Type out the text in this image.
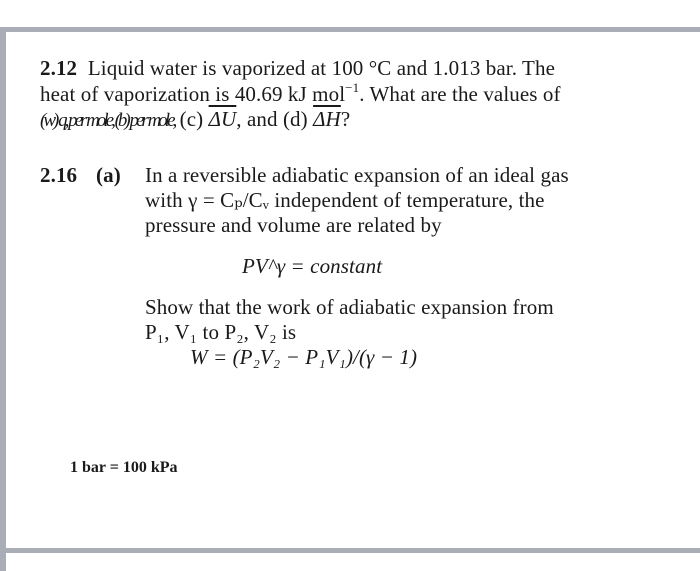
2.12 Liquid water is vaporized at 100 °C and 1.013 bar. The
heat of vaporization is 40.69 kJ mol$^{-1}$. What are the values of
(w) q, per mole, (b) per mole, (c) $\overline{\Delta U}$, and (d) $\overline{\Delta H}$?
2.16 (a) In a reversible adiabatic expansion of an ideal gas
with γ = Cₚ/Cᵥ independent of temperature, the
pressure and volume are related by
PV^γ = constant
Show that the work of adiabatic expansion from
P₁, V₁ to P₂, V₂ is
W = (P₂V₂ − P₁V₁)/(γ − 1)
1 bar = 100 kPa
